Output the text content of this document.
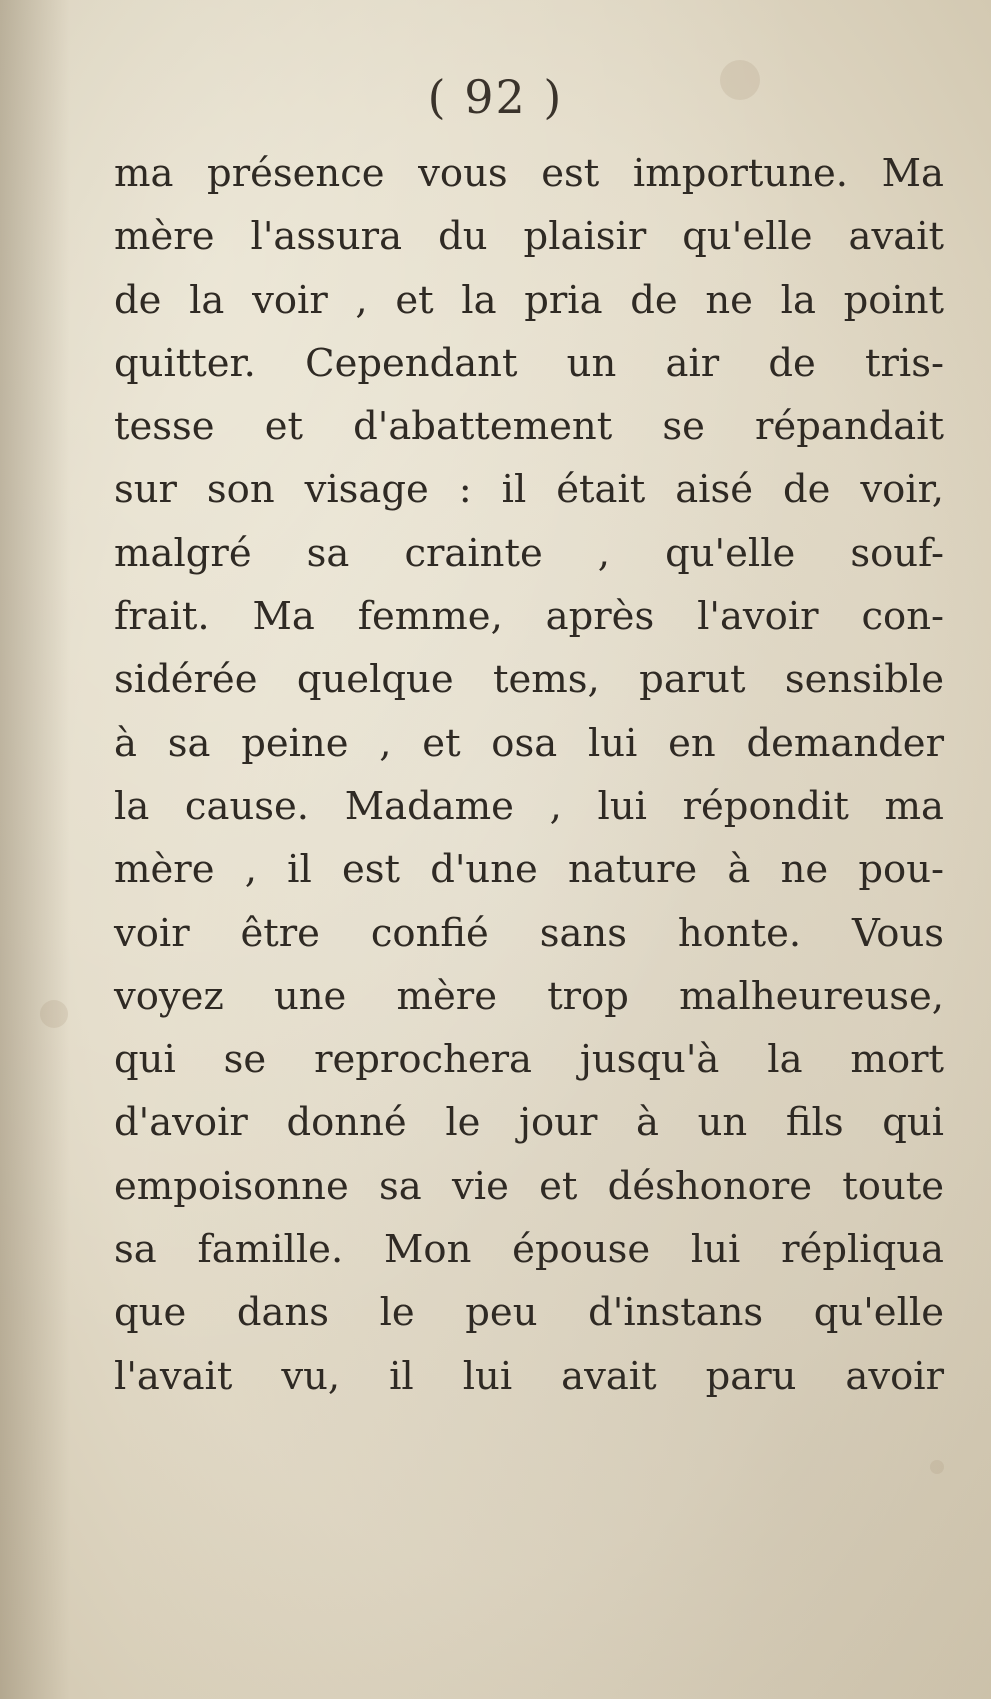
( 92 )
ma présence vous est importune. Ma
mère l'assura du plaisir qu'elle avait
de la voir , et la pria de ne la point
quitter. Cependant un air de tris-
tesse et d'abattement se répandait
sur son visage : il était aisé de voir,
malgré sa crainte , qu'elle souf-
frait. Ma femme, après l'avoir con-
sidérée quelque tems, parut sensible
à sa peine , et osa lui en demander
la cause. Madame , lui répondit ma
mère , il est d'une nature à ne pou-
voir être confié sans honte. Vous
voyez une mère trop malheureuse,
qui se reprochera jusqu'à la mort
d'avoir donné le jour à un fils qui
empoisonne sa vie et déshonore toute
sa famille. Mon épouse lui répliqua
que dans le peu d'instans qu'elle
l'avait vu, il lui avait paru avoir
